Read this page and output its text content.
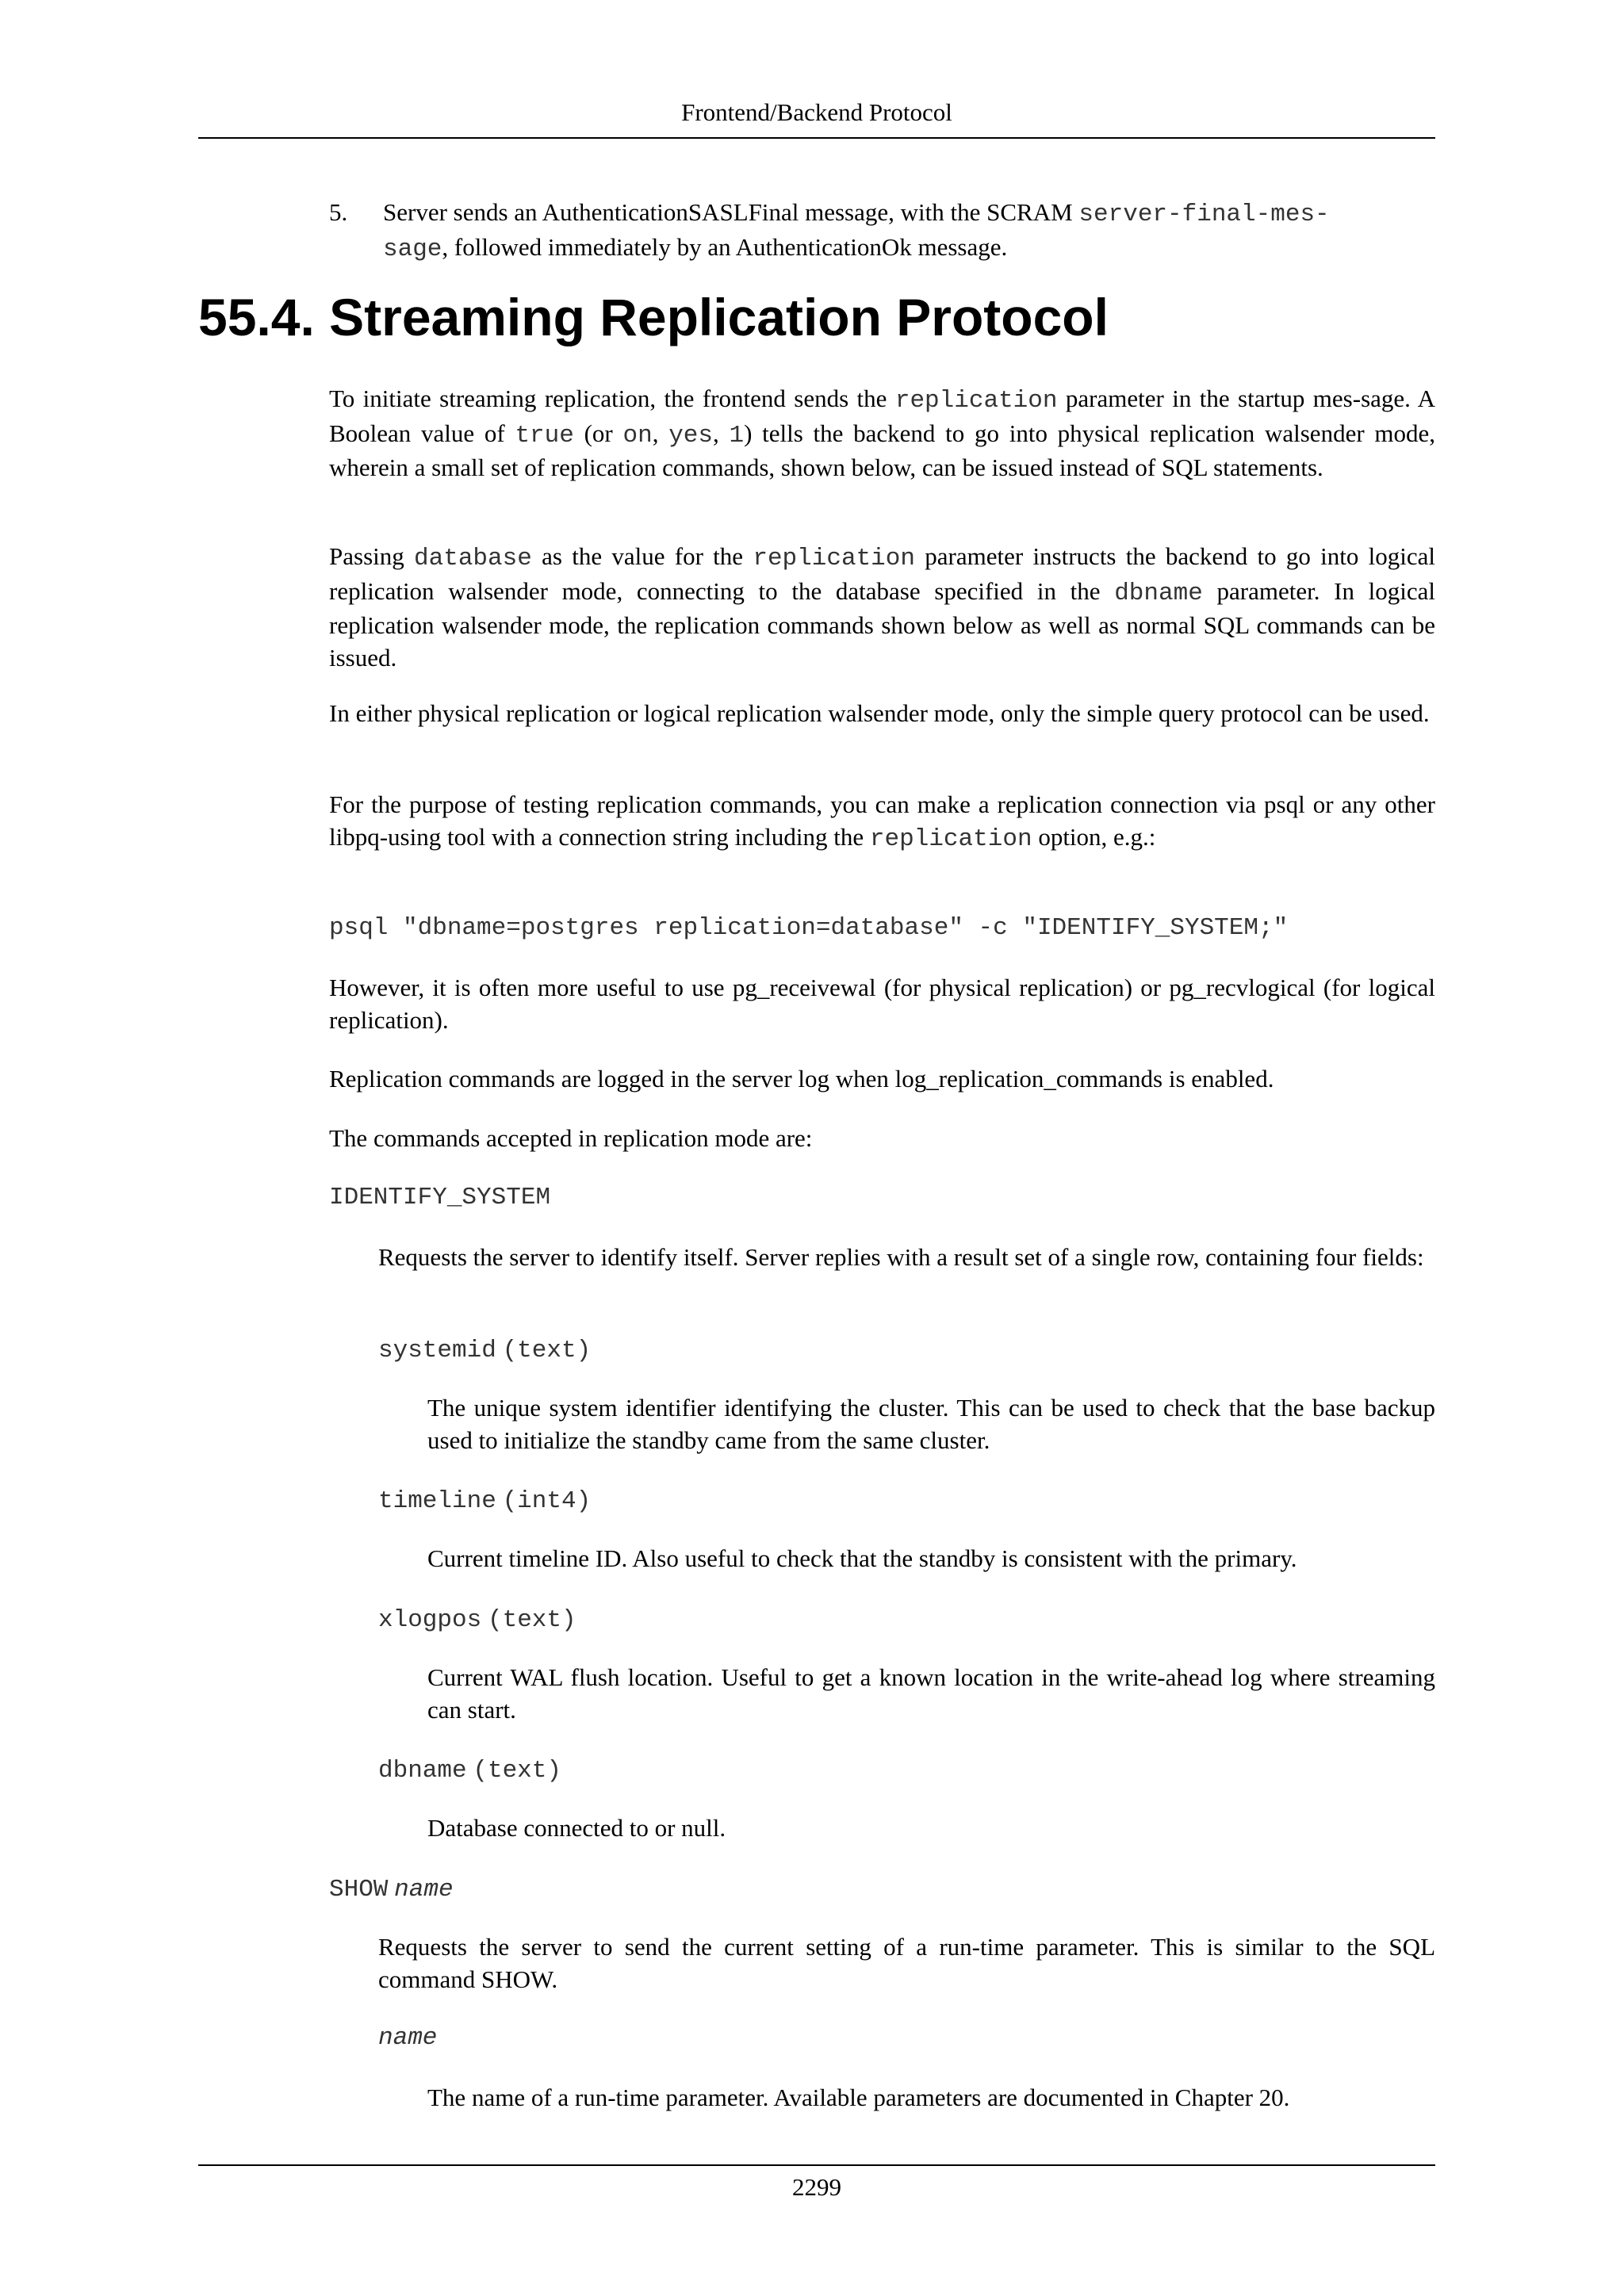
Frontend/Backend Protocol
5. Server sends an AuthenticationSASLFinal message, with the SCRAM server-final-mes-
sage, followed immediately by an AuthenticationOk message.
55.4. Streaming Replication Protocol

To initiate streaming replication, the frontend sends the replication parameter in the startup mes-sage. A Boolean value of true (or on, yes, 1) tells the backend to go into physical replication walsender mode, wherein a small set of replication commands, shown below, can be issued instead of SQL statements.

Passing database as the value for the replication parameter instructs the backend to go into logical replication walsender mode, connecting to the database specified in the dbname parameter. In logical replication walsender mode, the replication commands shown below as well as normal SQL commands can be issued.

In either physical replication or logical replication walsender mode, only the simple query protocol can be used.

For the purpose of testing replication commands, you can make a replication connection via psql or any other libpq-using tool with a connection string including the replication option, e.g.:

psql "dbname=postgres replication=database" -c "IDENTIFY_SYSTEM;"

However, it is often more useful to use pg_receivewal (for physical replication) or pg_recvlogical (for logical replication).

Replication commands are logged in the server log when log_replication_commands is enabled.

The commands accepted in replication mode are:

IDENTIFY_SYSTEM

Requests the server to identify itself. Server replies with a result set of a single row, containing four fields:

systemid (text)

The unique system identifier identifying the cluster. This can be used to check that the base backup used to initialize the standby came from the same cluster.

timeline (int4)

Current timeline ID. Also useful to check that the standby is consistent with the primary.

xlogpos (text)

Current WAL flush location. Useful to get a known location in the write-ahead log where streaming can start.

dbname (text)

Database connected to or null.

SHOW name

Requests the server to send the current setting of a run-time parameter. This is similar to the SQL command SHOW.

name

The name of a run-time parameter. Available parameters are documented in Chapter 20.

2299
